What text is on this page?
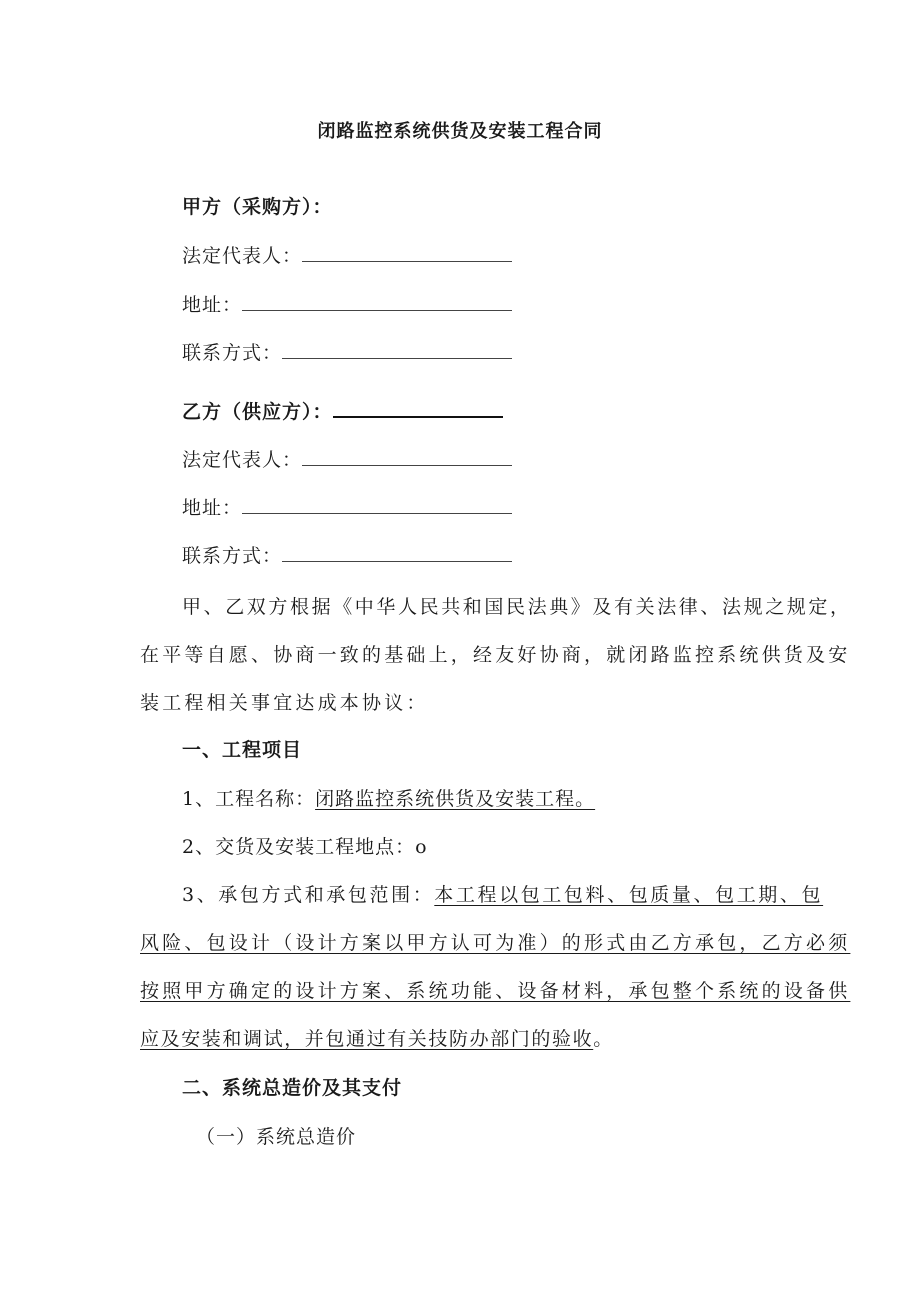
闭路监控系统供货及安装工程合同
甲方（采购方）：
法定代表人：
地址：
联系方式：
乙方（供应方）：
法定代表人：
地址：
联系方式：
甲、乙双方根据《中华人民共和国民法典》及有关法律、法规之规定，
在平等自愿、协商一致的基础上，经友好协商，就闭路监控系统供货及安
装工程相关事宜达成本协议：
一、工程项目
1、工程名称：闭路监控系统供货及安装工程。
2、交货及安装工程地点：o
3、承包方式和承包范围：本工程以包工包料、包质量、包工期、包
风险、包设计（设计方案以甲方认可为准）的形式由乙方承包，乙方必须
按照甲方确定的设计方案、系统功能、设备材料，承包整个系统的设备供
应及安装和调试，并包通过有关技防办部门的验收。
二、系统总造价及其支付
（一）系统总造价
